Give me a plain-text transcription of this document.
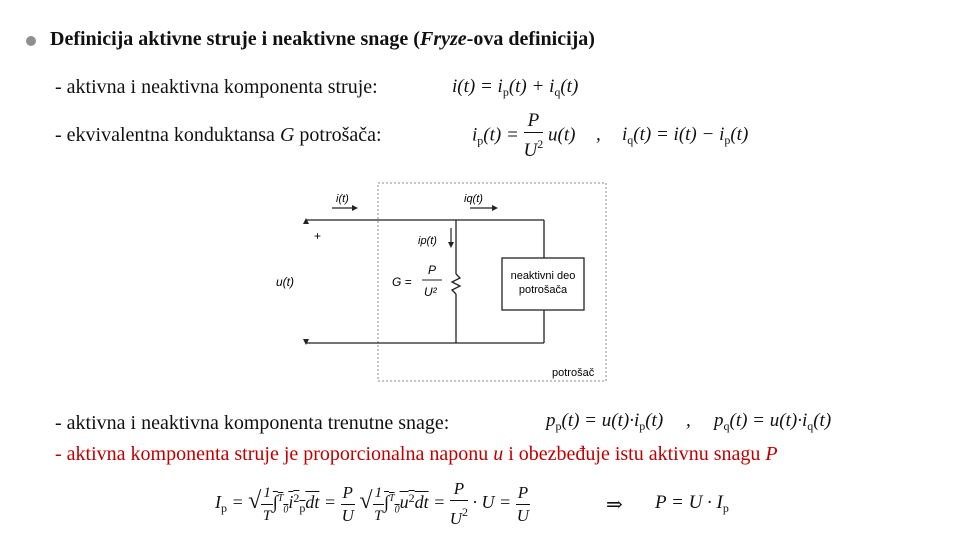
Definicija aktivne struje i neaktivne snage (Fryze-ova definicija)
- aktivna i neaktivna komponenta struje:	$i(t) = i_p(t) + i_q(t)$
- ekvivalentna konduktansa G potrošača:	$i_p(t) = \frac{P}{U^2} u(t)$ , $i_q(t) = i(t) - i_p(t)$
neaktivni deo
potrošača
i(t)	iq(t)
ip(t)
+
u(t)	G =
P
U²
potrošač
- aktivna i neaktivna komponenta trenutne snage:	$p_p(t) = u(t)\cdot i_p(t)$ , $p_q(t) = u(t)\cdot i_q(t)$
- aktivna komponenta struje je proporcionalna naponu u i obezbeđuje istu aktivnu snagu P
$I_p$ = √ $\frac{1}{T} \int^T_0i^2_pdt = \frac{P}{U}$ √ $\frac{1}{T} \int^T_0u^2dt = \frac{P}{U^2} \cdot U = \frac{P}{U}$	⇒ $P = U \cdot I_p$
